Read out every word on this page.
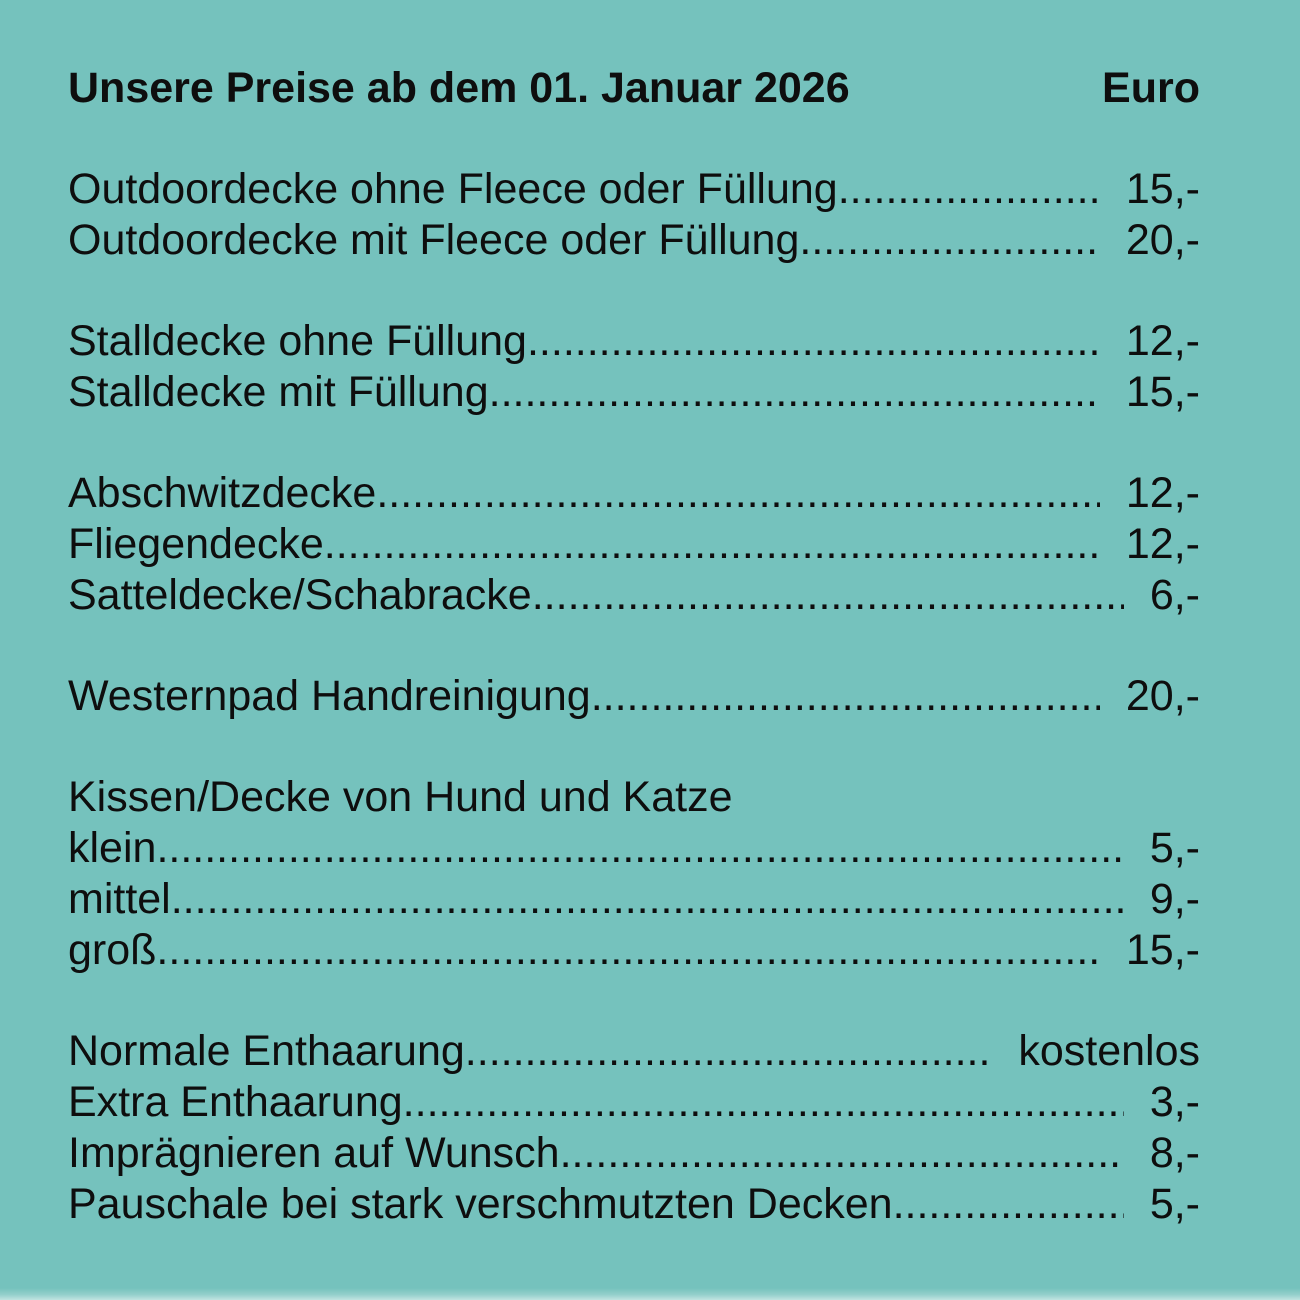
Unsere Preise ab dem 01. Januar 2026	Euro
Outdoordecke ohne Fleece oder Füllung .....	15,-
Outdoordecke mit Fleece oder Füllung .....	20,-
Stalldecke ohne Füllung .....	12,-
Stalldecke mit Füllung .....	15,-
Abschwitzdecke .....	12,-
Fliegendecke .....	12,-
Satteldecke/Schabracke .....	6,-
Westernpad Handreinigung .....	20,-
Kissen/Decke von Hund und Katze
klein .....	5,-
mittel .....	9,-
groß .....	15,-
Normale Enthaarung .....	kostenlos
Extra Enthaarung .....	3,-
Imprägnieren auf Wunsch .....	8,-
Pauschale bei stark verschmutzten Decken .....	5,-
